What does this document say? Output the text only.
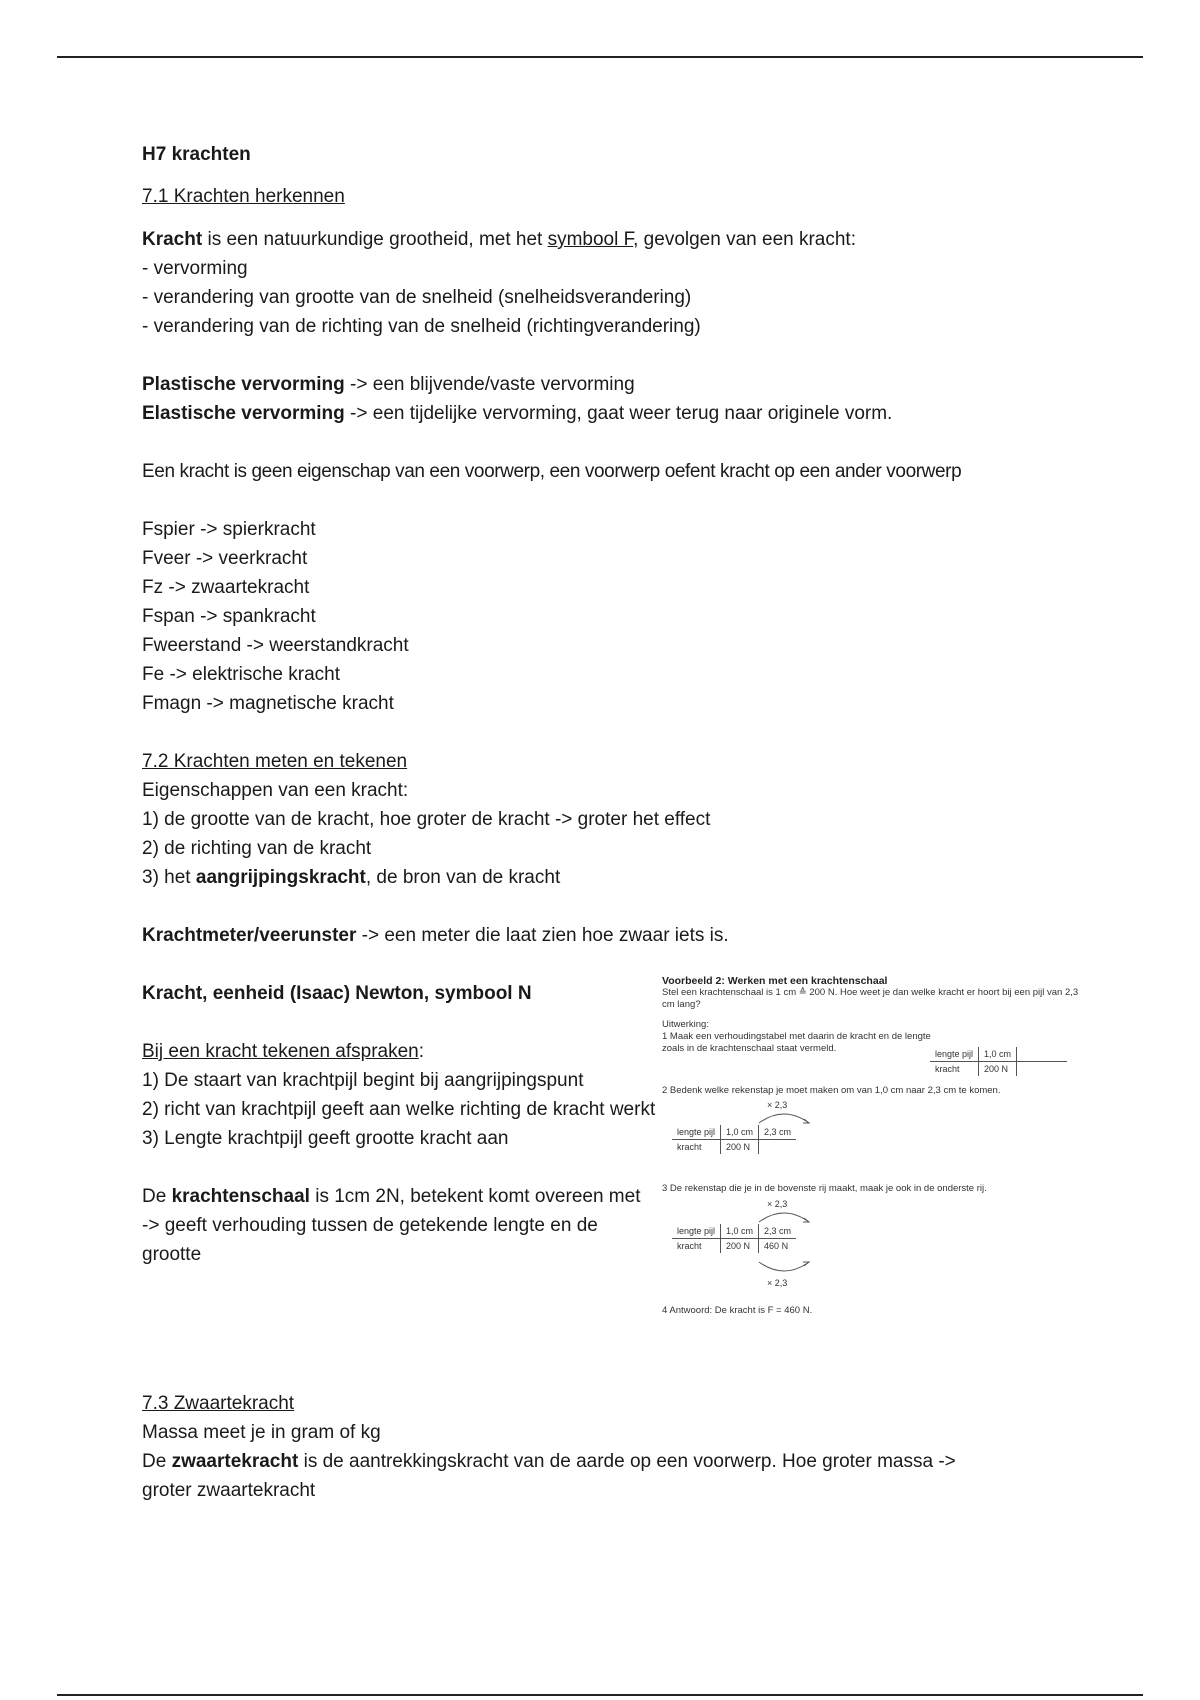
H7 krachten
7.1 Krachten herkennen
Kracht is een natuurkundige grootheid, met het symbool F, gevolgen van een kracht:
- vervorming
- verandering van grootte van de snelheid (snelheidsverandering)
- verandering van de richting van de snelheid (richtingverandering)
Plastische vervorming -> een blijvende/vaste vervorming
Elastische vervorming -> een tijdelijke vervorming, gaat weer terug naar originele vorm.
Een kracht is geen eigenschap van een voorwerp, een voorwerp oefent kracht op een ander voorwerp
Fspier -> spierkracht
Fveer -> veerkracht
Fz -> zwaartekracht
Fspan -> spankracht
Fweerstand -> weerstandkracht
Fe -> elektrische kracht
Fmagn -> magnetische kracht
7.2 Krachten meten en tekenen
Eigenschappen van een kracht:
1) de grootte van de kracht, hoe groter de kracht -> groter het effect
2) de richting van de kracht
3) het aangrijpingskracht, de bron van de kracht
Krachtmeter/veerunster -> een meter die laat zien hoe zwaar iets is.
Kracht, eenheid (Isaac) Newton, symbool N
Bij een kracht tekenen afspraken:
1) De staart van krachtpijl begint bij aangrijpingspunt
2) richt van krachtpijl geeft aan welke richting de kracht werkt
3) Lengte krachtpijl geeft grootte kracht aan
De krachtenschaal is 1cm 2N, betekent komt overeen met
-> geeft verhouding tussen de getekende lengte en de grootte
Voorbeeld 2: Werken met een krachtenschaal
Stel een krachtenschaal is 1 cm ≙ 200 N. Hoe weet je dan welke kracht er hoort bij een pijl van 2,3 cm lang?
Uitwerking:
1 Maak een verhoudingstabel met daarin de kracht en de lengte zoals in de krachtenschaal staat vermeld.	lengte pijl	1,0 cm	
kracht	200 N	
2 Bedenk welke rekenstap je moet maken om van 1,0 cm naar 2,3 cm te komen.
× 2,3
lengte pijl	1,0 cm	2,3 cm
kracht	200 N	
3 De rekenstap die je in de bovenste rij maakt, maak je ook in de onderste rij.
× 2,3
lengte pijl	1,0 cm	2,3 cm
kracht	200 N	460 N
× 2,3
4 Antwoord: De kracht is F = 460 N.
7.3 Zwaartekracht
Massa meet je in gram of kg
De zwaartekracht is de aantrekkingskracht van de aarde op een voorwerp. Hoe groter massa ->
groter zwaartekracht
